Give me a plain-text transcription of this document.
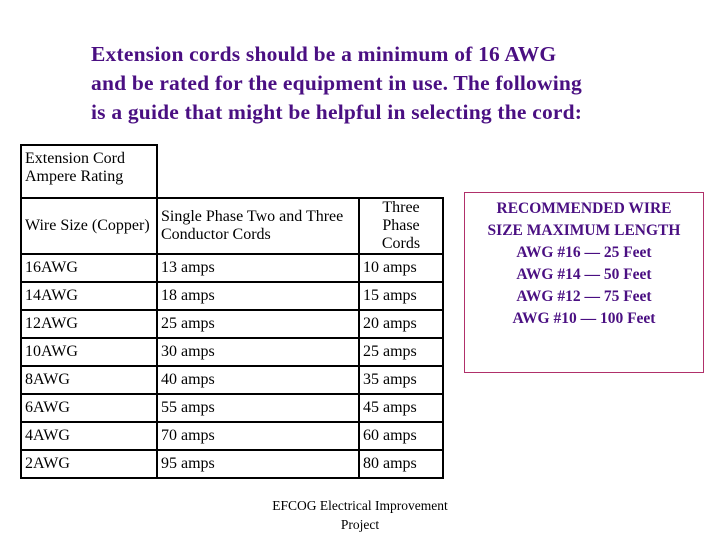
Extension cords should be a minimum of 16 AWG
and be rated for the equipment in use. The following
is a guide that might be helpful in selecting the cord:
Extension Cord Ampere Rating		
Wire Size (Copper)	Single Phase Two and Three Conductor Cords	Three Phase Cords
16AWG	13 amps	10 amps
14AWG	18 amps	15 amps
12AWG	25 amps	20 amps
10AWG	30 amps	25 amps
8AWG	40 amps	35 amps
6AWG	55 amps	45 amps
4AWG	70 amps	60 amps
2AWG	95 amps	80 amps
RECOMMENDED WIRE
SIZE MAXIMUM LENGTH
AWG #16 — 25 Feet
AWG #14 — 50 Feet
AWG #12 — 75 Feet
AWG #10 — 100 Feet
EFCOG Electrical Improvement
Project
